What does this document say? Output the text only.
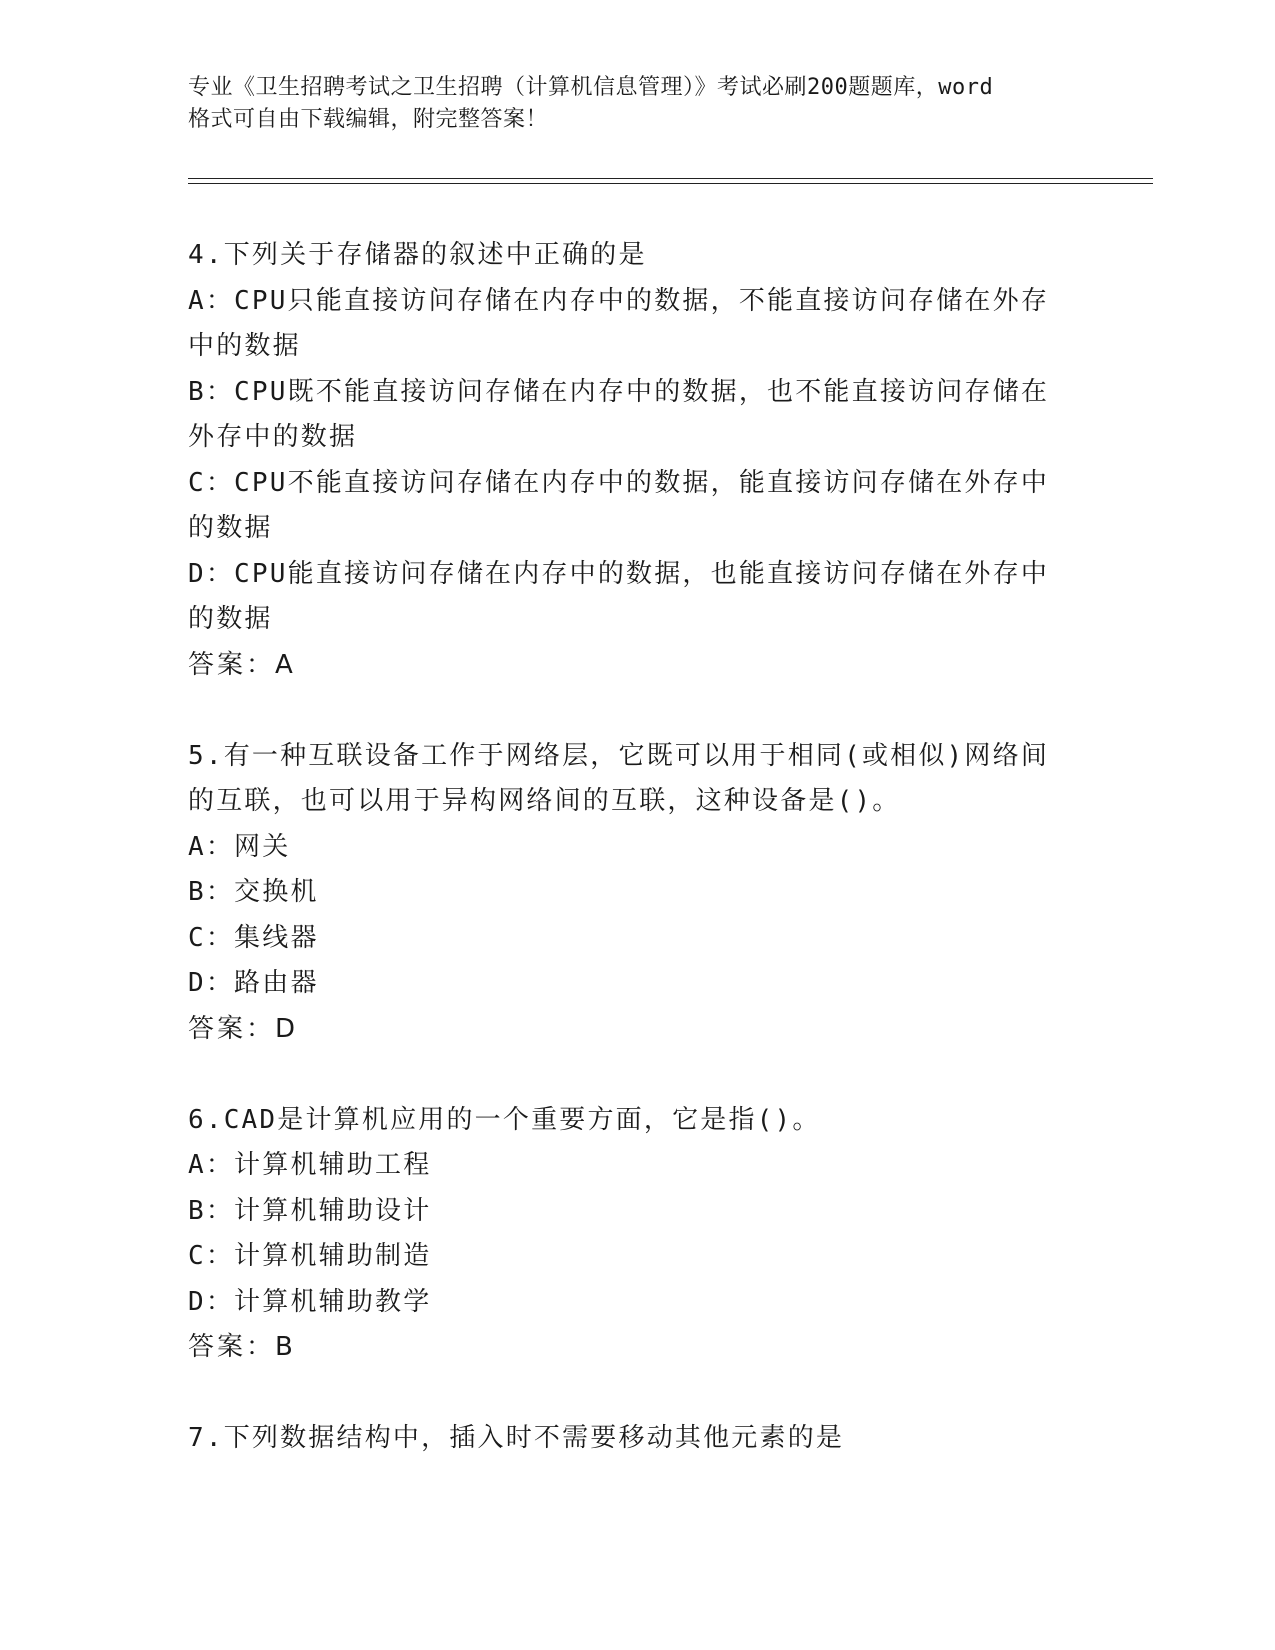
专业《卫生招聘考试之卫生招聘（计算机信息管理）》考试必刷200题题库，word
格式可自由下载编辑，附完整答案！

4.下列关于存储器的叙述中正确的是

A：CPU只能直接访问存储在内存中的数据，不能直接访问存储在外存

中的数据

B：CPU既不能直接访问存储在内存中的数据，也不能直接访问存储在

外存中的数据

C：CPU不能直接访问存储在内存中的数据，能直接访问存储在外存中

的数据

D：CPU能直接访问存储在内存中的数据，也能直接访问存储在外存中

的数据

答案：A

5.有一种互联设备工作于网络层，它既可以用于相同(或相似)网络间

的互联，也可以用于异构网络间的互联，这种设备是()。

A：网关

B：交换机

C：集线器

D：路由器

答案：D

6.CAD是计算机应用的一个重要方面，它是指()。

A：计算机辅助工程

B：计算机辅助设计

C：计算机辅助制造

D：计算机辅助教学

答案：B

7.下列数据结构中，插入时不需要移动其他元素的是
